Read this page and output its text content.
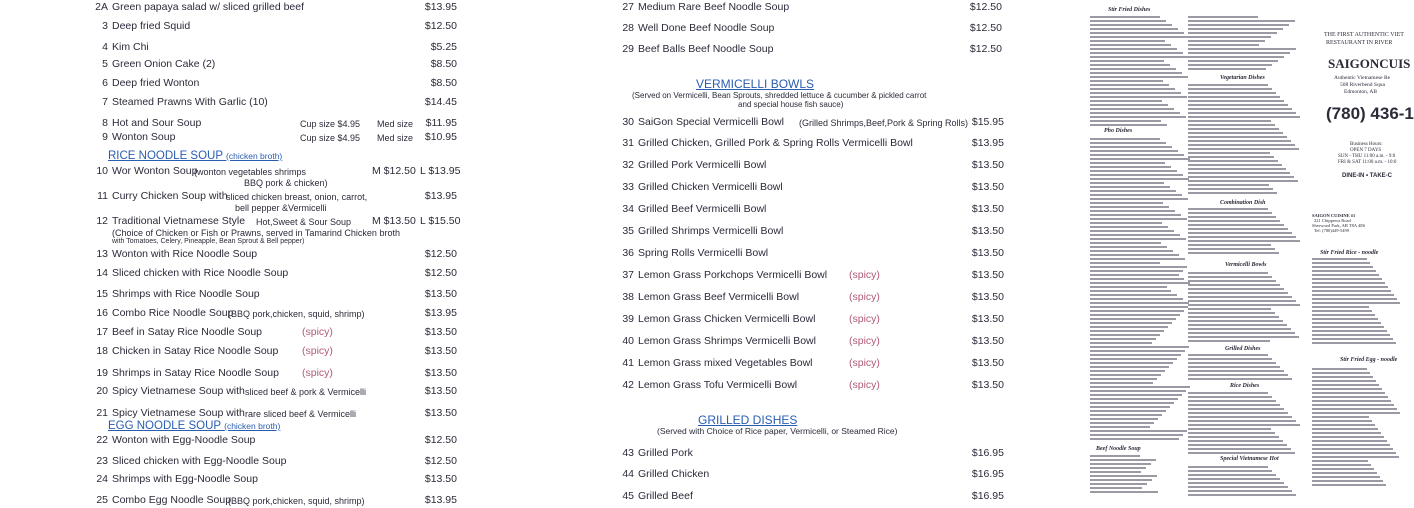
2A Green papaya salad w/ sliced grilled beef	$13.95
3 Deep fried Squid	$12.50
4 Kim Chi	$5.25
5 Green Onion Cake (2)	$8.50
6 Deep fried Wonton	$8.50
7 Steamed Prawns With Garlic (10)	$14.45
8 Hot and Sour Soup	Cup size $4.95 Med size	$11.95
9 Wonton Soup	Cup size $4.95 Med size	$10.95
RICE NOODLE SOUP (chicken broth)
10 Wor Wonton Soup
(wonton vegetables shrimps
BBQ pork & chicken)
M $12.50 L $13.95
11 Curry Chicken Soup with
sliced chicken breast, onion, carrot,
bell pepper &Vermicelli
$13.95
12 Traditional Vietnamese Style Hot,Sweet & Sour Soup
(Choice of Chicken or Fish or Prawns, served in Tamarind Chicken broth
with Tomatoes, Celery, Pineapple, Bean Sprout & Bell pepper)
M $13.50 L $15.50
13 Wonton with Rice Noodle Soup	$12.50
14 Sliced chicken with Rice Noodle Soup	$12.50
15 Shrimps with Rice Noodle Soup	$13.50
16 Combo Rice Noodle Soup
(BBQ pork,chicken, squid, shrimp)	$13.95
17 Beef in Satay Rice Noodle Soup	(spicy)	$13.50
18 Chicken in Satay Rice Noodle Soup (spicy)	$13.50
19 Shrimps in Satay Rice Noodle Soup (spicy)	$13.50
20 Spicy Vietnamese Soup with sliced beef & pork & Vermicelli	$13.50
21 Spicy Vietnamese Soup with rare sliced beef & Vermicelli	$13.50
EGG NOODLE SOUP (chicken broth)
22 Wonton with Egg-Noodle Soup	$12.50
23 Sliced chicken with Egg-Noodle Soup	$12.50
24 Shrimps with Egg-Noodle Soup	$13.50
25 Combo Egg Noodle Soup
(BBQ pork,chicken, squid, shrimp)	$13.95
27 Medium Rare Beef Noodle Soup	$12.50
28 Well Done Beef Noodle Soup	$12.50
29 Beef Balls Beef Noodle Soup	$12.50
VERMICELLI BOWLS
(Served on Vermicelli, Bean Sprouts, shredded lettuce & cucumber & pickled carrot
and special house fish sauce)
30 SaiGon Special Vermicelli Bowl (Grilled Shrimps,Beef,Pork & Spring Rolls) $15.95
31 Grilled Chicken, Grilled Pork & Spring Rolls Vermicelli Bowl	$13.95
32 Grilled Pork Vermicelli Bowl	$13.50
33 Grilled Chicken Vermicelli Bowl	$13.50
34 Grilled Beef Vermicelli Bowl	$13.50
35 Grilled Shrimps Vermicelli Bowl	$13.50
36 Spring Rolls Vermicelli Bowl	$13.50
37 Lemon Grass Porkchops Vermicelli Bowl (spicy)	$13.50
38 Lemon Grass Beef Vermicelli Bowl	(spicy)	$13.50
39 Lemon Grass Chicken Vermicelli Bowl	(spicy)	$13.50
40 Lemon Grass Shrimps Vermicelli Bowl	(spicy)	$13.50
41 Lemon Grass mixed Vegetables Bowl	(spicy)	$13.50
42 Lemon Grass Tofu Vermicelli Bowl	(spicy)	$13.50
GRILLED DISHES
(Served with Choice of Rice paper, Vermicelli, or Steamed Rice)
43 Grilled Pork	$16.95
44 Grilled Chicken	$16.95
45 Grilled Beef	$16.95
Stir Fried Dishes
Pho Dishes
Vegetarian Dishes
Combination Dish
Vermicelli Bowls
Grilled Dishes
Rice Dishes
Beef Noodle Soup
Special Vietnamese Hot
THE FIRST AUTHENTIC VIET
RESTAURANT IN RIVER
SAIGONCUIS
Authentic Vietnamese Re
508 Riverbend Squa
Edmonton, AB
(780) 436-1
Business Hours:
OPEN 7 DAYS
SUN - THU 11:00 a.m. - 9:0
FRI & SAT 11:00 a.m. - 10:0
DINE-IN • TAKE-C
SAIGON CUISINE #1
221 Chippewa Road
Sherwood Park, AB T8A 4E6
Tel: (780)449-5499
Stir Fried Rice - noodle
Stir Fried Egg - noodle
